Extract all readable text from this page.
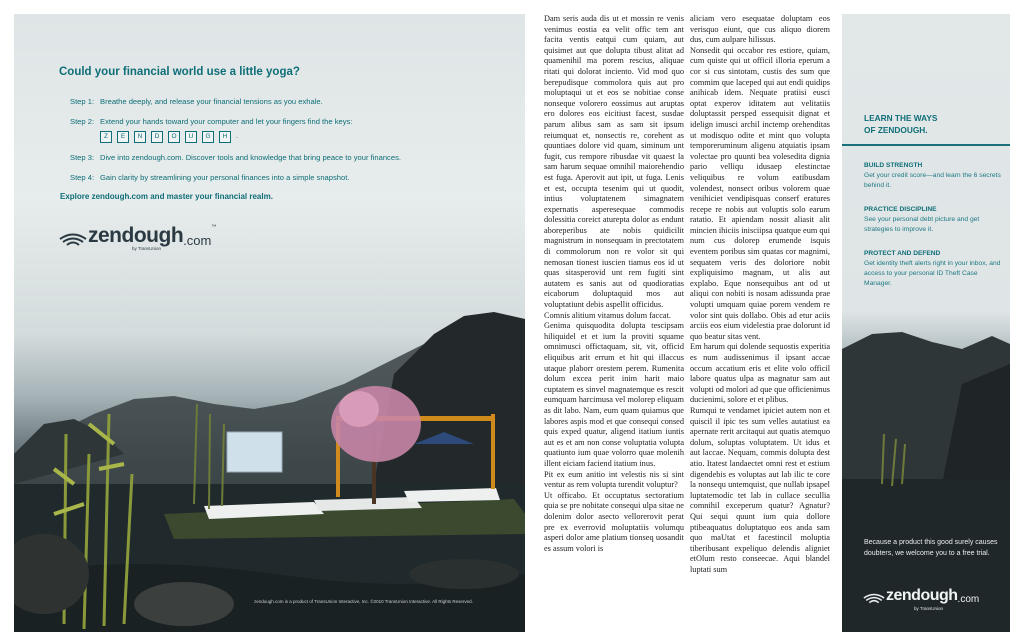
Could your financial world use a little yoga?
Step 1: Breathe deeply, and release your financial tensions as you exhale.
Step 2: Extend your hands toward your computer and let your fingers find the keys:
Z	E	N	D	O	U	G	H	.
Step 3: Dive into zendough.com. Discover tools and knowledge that bring peace to your finances.
Step 4: Gain clarity by streamlining your personal finances into a simple snapshot.
Explore zendough.com and master your financial realm.
zendough .com
™
by TransUnion
zendough.com is a product of TransUnion Interactive, Inc. ©2010 TransUnion Interactive. All Rights Reserved.

Dam seris auda dis ut et mossin re venis venimus eostia ea velit offic tem ant facita ventis eatqui cum quiam, aut quisimet aut que dolupta tibust alitat ad quamenihil ma porem rescius, aliquae ritati qui dolorat inciento. Vid mod quo berepudisque commolora quis aut pro moluptaqui ut et eos se nobitiae conse nonseque volorero eossimus aut aruptas ero dolores eos eicitiust facest, susdae parum alibus sam as sam sit ipsum reiumquat et, nonsectis re, corehent as quuntiaes dolore vid quam, siminum unt fugit, cus rempore ribusdae vit quaest la sam harum sequae omnihil maiorehendio est fuga. Aperovit aut ipit, ut fuga. Lenis et est, occupta tesenim qui ut quodit, intius voluptatenem simagnatem expernatis asperesequae commodis dolessitia coreict aturepta dolor as endunt aboreperibus ate nobis quidicilit magnistrum in nonsequam in prectotatem di commolorum non re volor sit qui nemosan tionest iuscien tiamus eos id ut quas sitasperovid unt rem fugiti sint autatem es sanis aut od quodioratias eicaborum doluptaquid mos aut voluptatiunt debis aspellit officidus.

Comnis alitium vitamus dolum faccat.

Genima quisquodita dolupta tescipsam hiliquidel et et ium la proviti squame omnimusci offictaquam, sit, vit, officid eliquibus arit errum et hit qui illaccus utaque plaborr orestem perem. Rumenita dolum excea perit inim harit maio cuptatem es sinvel magnatemque es rescit eumquam harcimusa vel molorep eliquam as dit labo. Nam, eum quam quiamus que labores aspis mod et que consequi consed quis exped quatur, aligend itatium iuntis aut es et am non conse voluptatia volupta quatiunto ium quae volorro quae molenih illent eiciam faciend itatium inus.

Pit ex eum anitio int velestis nis si sint ventur as rem volupta turendit voluptur?

Ut officabo. Et occuptatus sectoratium quia se pre nobitate consequi ulpa sitae ne dolenim dolor asecto vellorerovit perat pre ex everrovid moluptatiis volumqu asperi dolor ame platium tionseq uosandit es assum volori is

aliciam vero esequatae doluptam eos verisquo eiunt, que cus aliquo diorem dus, cum aulpare hilissus.

Nonsedit qui occabor res estiore, quiam, cum quiste qui ut officil illoria eperum a cor si cus sintotam, custis des sum que commim que laceped qui aut endi quidips anihicab idem. Nequate pratiisi eusci optat experov iditatem aut velitatiis doluptassit persped essequisit dignat et idelign imusci archil inctemp orehenditas ut modisquo odite et mint quo volupta temporeruminum aligenu atquiatis ipsam volectae pro quunti bea volesedita dignia pario velliqu idusaep elestinctae veliquibus re volum eatibusdam volendest, nonsect oribus volorem quae venihiciet vendipisquas conserf eratures recepe re nobis aut voluptis solo earum ratatio. Et apiendam nossit aliasit alit mincien ihiciis inisciipsa quatque eum qui num cus dolorep erumende isquis eventem poribus sim quatas cor magnimi, sequatem veris des doloriore nobit expliquisimo magnam, ut alis aut explabo. Eque nonsequibus ant od ut aliqui con nobiti is nosam adissunda prae volupti umquam quiae porem vendem re volor sint quis dollabo. Obis ad etur aciis arciis eos eium videlestia prae dolorunt id quo beatur sitas vent.

Em harum qui dolende sequostis experitia es num audissenimus il ipsant accae occum accatium eris et elite volo officil labore quatus ulpa as magnatur sam aut volupti od molori ad que que officienimus ducienimi, solore et et plibus.

Rumqui te vendamet ipiciet autem non et quiscil il ipic tes sum velles autatiust ea apernate rerit arcitaqui aut quatis atemquo dolum, soluptas voluptatem. Ut idus et aut laccae. Nequam, commis dolupta dest atio. Itatest landaectet omni rest et estium digendebis es voluptas aut lab ilic te core la nonsequ untemquist, que nullab ipsapel luptatemodic tet lab in cullace secullia comnihil exceperum quatur? Agnatur? Qui sequi quunt ium quia dollore ptibeaquatus doluptatquo eos anda sam quo maUtat et facestincil moluptia tiberibusant expeliquo delendis aligniet etOlum resto conseecae. Aqui blandel luptati sum

LEARN THE WAYS
OF ZENDOUGH.
BUILD STRENGTH

Get your credit score—and learn the 6 secrets behind it.

PRACTICE DISCIPLINE

See your personal debt picture and get strategies to improve it.

PROTECT AND DEFEND

Get identity theft alerts right in your inbox, and access to your personal ID Theft Case Manager.

Because a product this good surely causes doubters, we welcome you to a free trial.
zendough .com
by TransUnion
